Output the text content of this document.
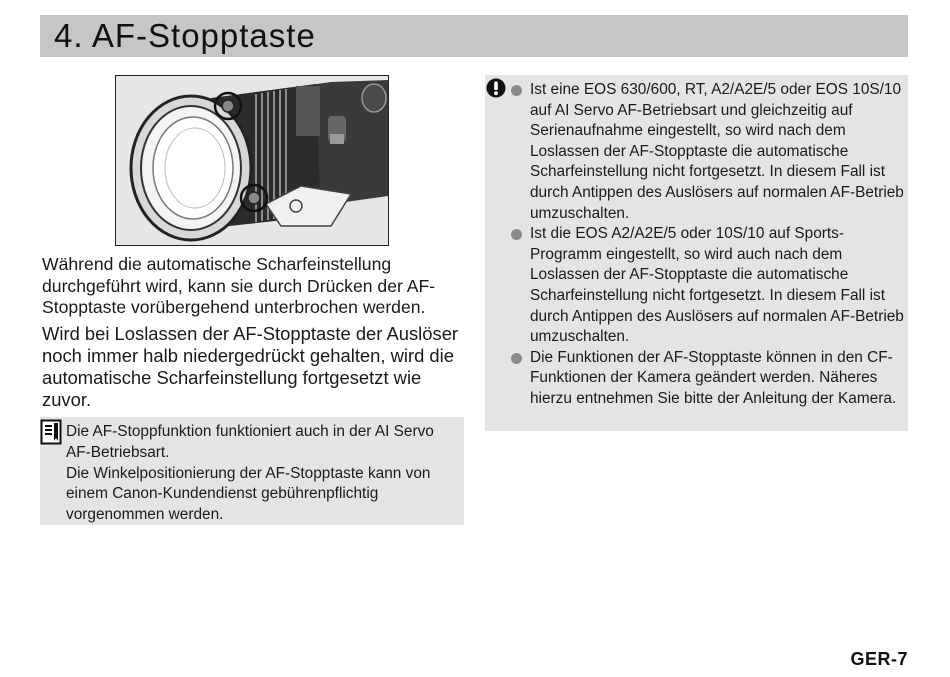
4. AF-Stopptaste

Während die automatische Scharfeinstellung durchgeführt wird, kann sie durch Drücken der AF-Stopptaste vorübergehend unterbrochen werden.

Wird bei Loslassen der AF-Stopptaste der Auslöser noch immer halb niedergedrückt gehalten, wird die automatische Scharfeinstellung fortgesetzt wie zuvor.

Die AF-Stoppfunktion funktioniert auch in der AI Servo AF-Betriebsart.
Die Winkelpositionierung der AF-Stopptaste kann von einem Canon-Kundendienst gebührenpflichtig vorgenommen werden.
Ist eine EOS 630/600, RT, A2/A2E/5 oder EOS 10S/10 auf AI Servo AF-Betriebsart und gleichzeitig auf Serienaufnahme eingestellt, so wird nach dem Loslassen der AF-Stopptaste die automatische Scharfeinstellung nicht fortgesetzt. In diesem Fall ist durch Antippen des Auslösers auf normalen AF-Betrieb umzuschalten.
Ist die EOS A2/A2E/5 oder 10S/10 auf Sports-Programm eingestellt, so wird auch nach dem Loslassen der AF-Stopptaste die automatische Scharfeinstellung nicht fortgesetzt. In diesem Fall ist durch Antippen des Auslösers auf normalen AF-Betrieb umzuschalten.
Die Funktionen der AF-Stopptaste können in den CF-Funktionen der Kamera geändert werden. Näheres hierzu entnehmen Sie bitte der Anleitung der Kamera.
GER-7
